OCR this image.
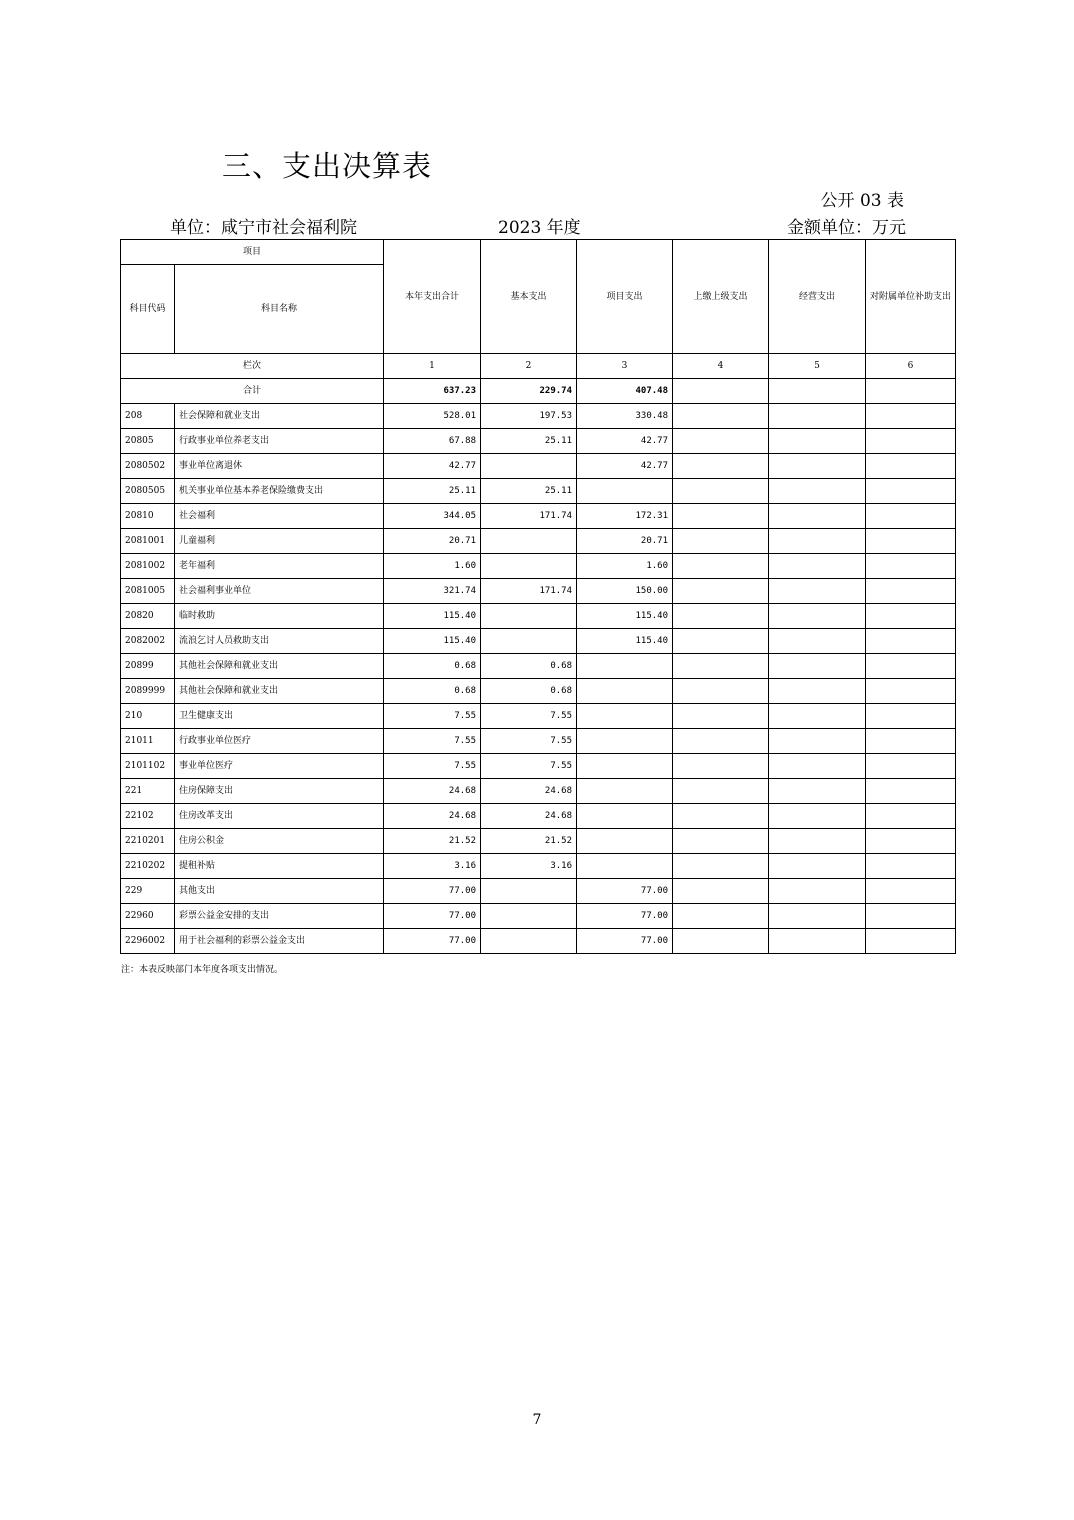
三、支出决算表
公开 03 表
单位：咸宁市社会福利院	2023 年度	金额单位：万元
项目		本年支出合计	基本支出	项目支出	上缴上级支出	经营支出	对附属单位补助支出
科目代码	科目名称						
栏次		1	2	3	4	5	6
合计		637.23	229.74	407.48			
208	社会保障和就业支出	528.01	197.53	330.48			
20805	行政事业单位养老支出	67.88	25.11	42.77			
2080502	事业单位离退休	42.77		42.77			
2080505	机关事业单位基本养老保险缴费支出	25.11	25.11				
20810	社会福利	344.05	171.74	172.31			
2081001	儿童福利	20.71		20.71			
2081002	老年福利	1.60		1.60			
2081005	社会福利事业单位	321.74	171.74	150.00			
20820	临时救助	115.40		115.40			
2082002	流浪乞讨人员救助支出	115.40		115.40			
20899	其他社会保障和就业支出	0.68	0.68				
2089999	其他社会保障和就业支出	0.68	0.68				
210	卫生健康支出	7.55	7.55				
21011	行政事业单位医疗	7.55	7.55				
2101102	事业单位医疗	7.55	7.55				
221	住房保障支出	24.68	24.68				
22102	住房改革支出	24.68	24.68				
2210201	住房公积金	21.52	21.52				
2210202	提租补贴	3.16	3.16				
229	其他支出	77.00		77.00			
22960	彩票公益金安排的支出	77.00		77.00			
2296002	用于社会福利的彩票公益金支出	77.00		77.00			
注：本表反映部门本年度各项支出情况。
7
